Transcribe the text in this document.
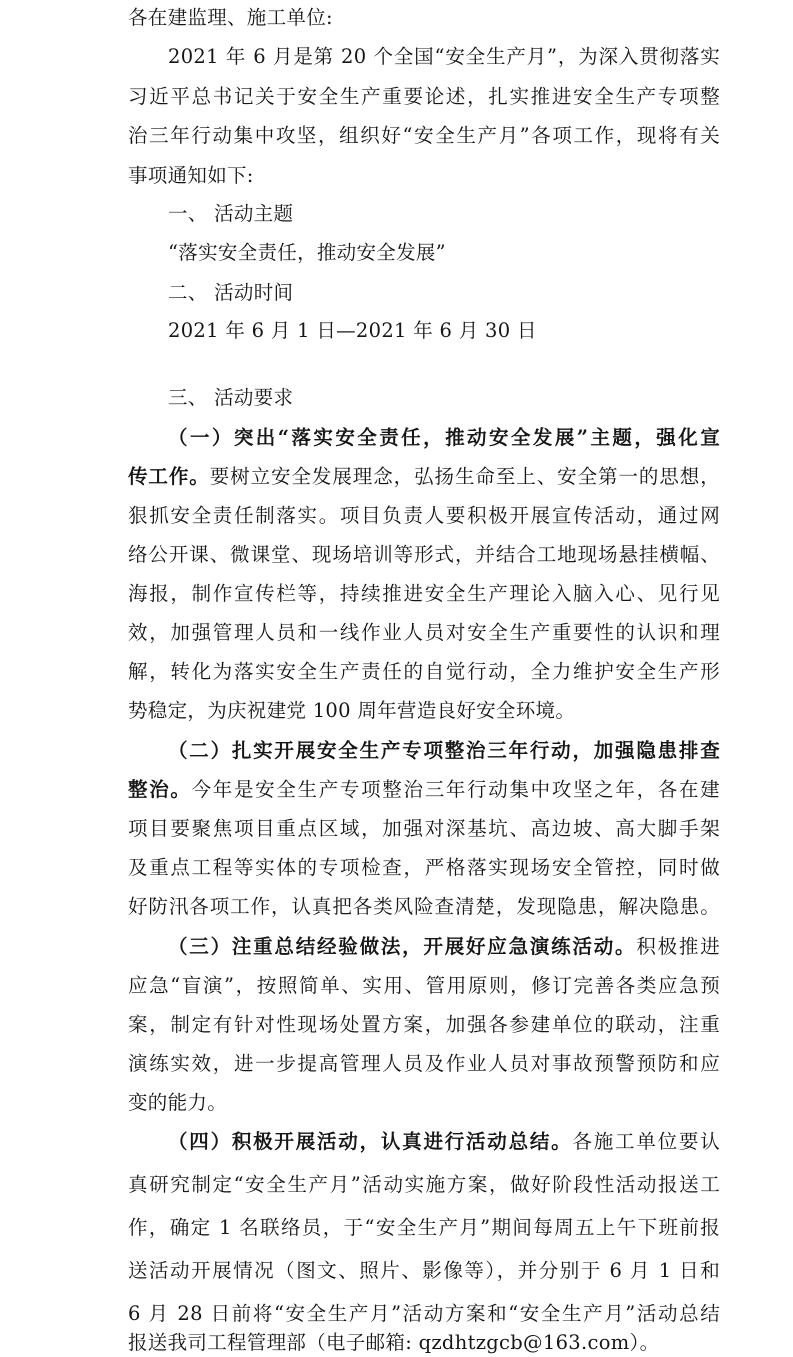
各在建监理、施工单位:
2021 年 6 月是第 20 个全国“安全生产月”，为深入贯彻落实
习近平总书记关于安全生产重要论述，扎实推进安全生产专项整
治三年行动集中攻坚，组织好“安全生产月”各项工作，现将有关
事项通知如下:
一、 活动主题
“落实安全责任，推动安全发展”
二、 活动时间
2021 年 6 月 1 日—2021 年 6 月 30 日
三、 活动要求
（一）突出“落实安全责任，推动安全发展”主题，强化宣
传工作。要树立安全发展理念，弘扬生命至上、安全第一的思想，
狠抓安全责任制落实。项目负责人要积极开展宣传活动，通过网
络公开课、微课堂、现场培训等形式，并结合工地现场悬挂横幅、
海报，制作宣传栏等，持续推进安全生产理论入脑入心、见行见
效，加强管理人员和一线作业人员对安全生产重要性的认识和理
解，转化为落实安全生产责任的自觉行动，全力维护安全生产形
势稳定，为庆祝建党 100 周年营造良好安全环境。
（二）扎实开展安全生产专项整治三年行动，加强隐患排查
整治。今年是安全生产专项整治三年行动集中攻坚之年，各在建
项目要聚焦项目重点区域，加强对深基坑、高边坡、高大脚手架
及重点工程等实体的专项检查，严格落实现场安全管控，同时做
好防汛各项工作，认真把各类风险查清楚，发现隐患，解决隐患。
（三）注重总结经验做法，开展好应急演练活动。积极推进
应急“盲演”，按照简单、实用、管用原则，修订完善各类应急预
案，制定有针对性现场处置方案，加强各参建单位的联动，注重
演练实效，进一步提高管理人员及作业人员对事故预警预防和应
变的能力。
（四）积极开展活动，认真进行活动总结。各施工单位要认
真研究制定“安全生产月”活动实施方案，做好阶段性活动报送工
作，确定 1 名联络员，于“安全生产月”期间每周五上午下班前报
送活动开展情况（图文、照片、影像等），并分别于 6 月 1 日和
6 月 28 日前将“安全生产月”活动方案和“安全生产月”活动总结
报送我司工程管理部（电子邮箱: qzdhtzgcb@163.com）。
